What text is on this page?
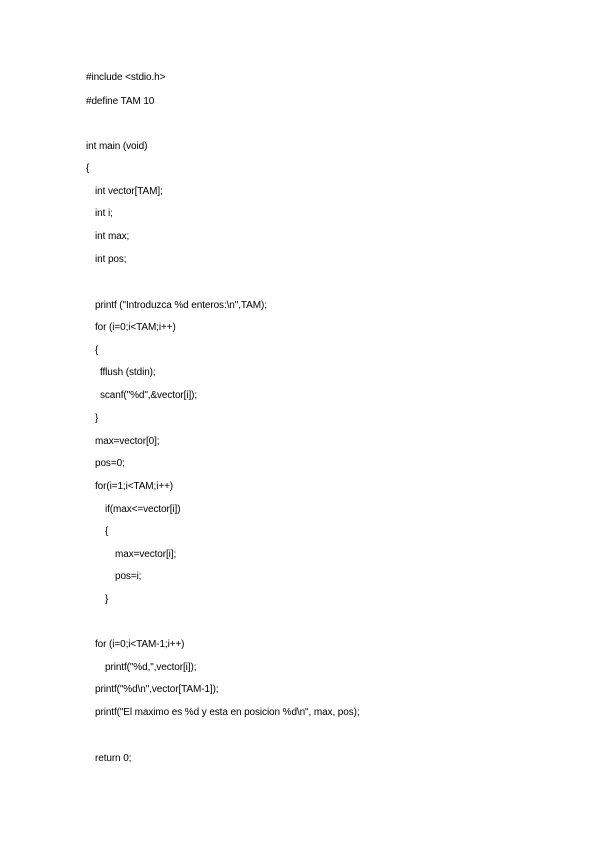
#include <stdio.h>
#define TAM 10
int main (void)
{
int vector[TAM];
int i;
int max;
int pos;
printf ("Introduzca %d enteros:\n",TAM);
for (i=0;i<TAM;i++)
{
fflush (stdin);
scanf("%d",&vector[i]);
}
max=vector[0];
pos=0;
for(i=1;i<TAM;i++)
if(max<=vector[i])
{
max=vector[i];
pos=i;
}
for (i=0;i<TAM-1;i++)
printf("%d,",vector[i]);
printf("%d\n",vector[TAM-1]);
printf("El maximo es %d y esta en posicion %d\n", max, pos);
return 0;
